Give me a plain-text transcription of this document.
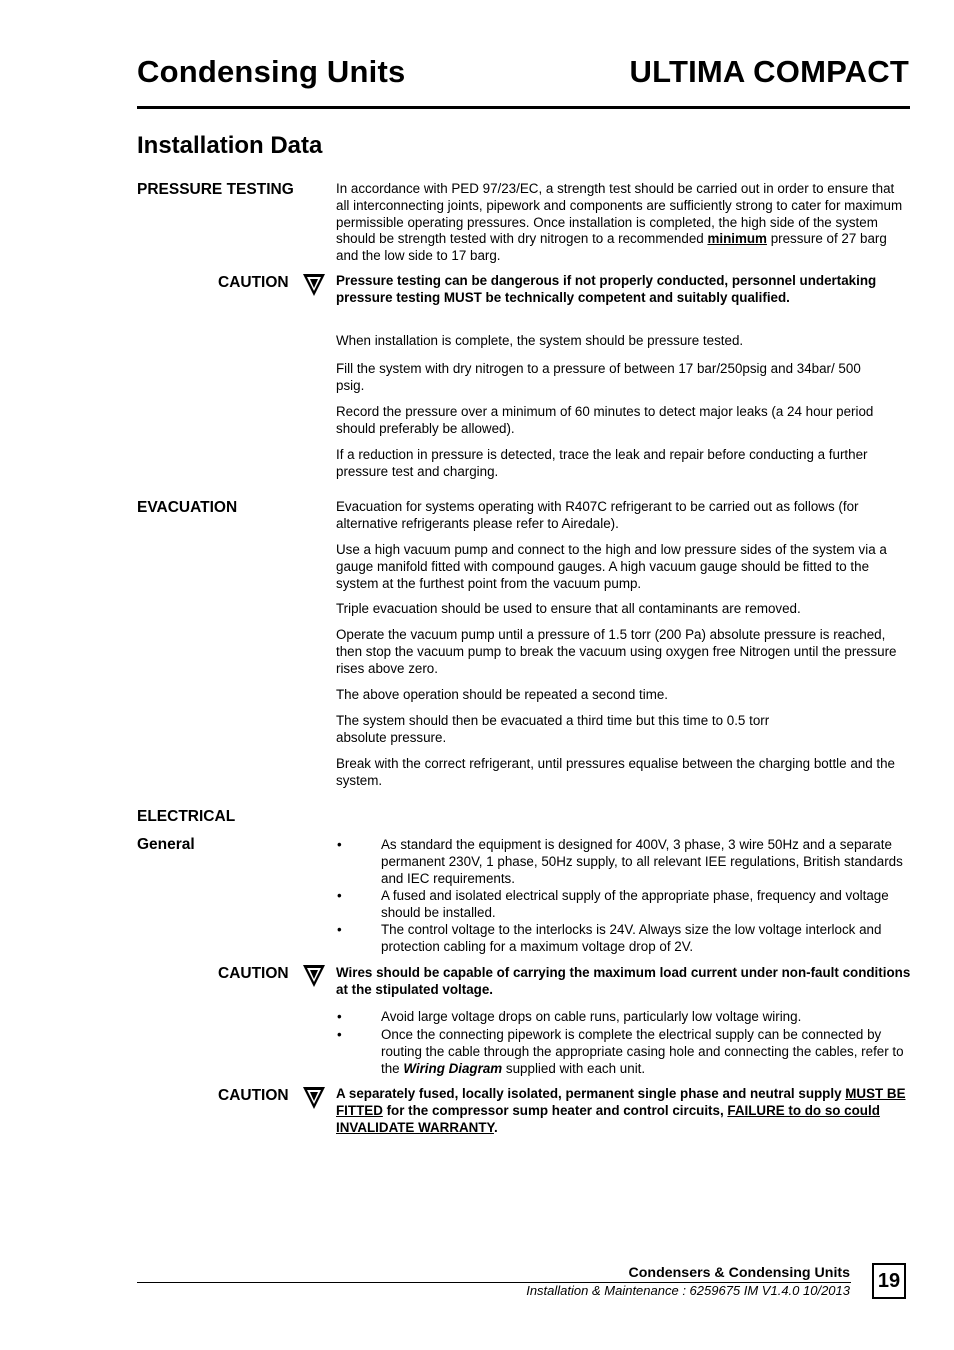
Condensing Units	ULTIMA COMPACT
Installation Data
PRESSURE TESTING	In accordance with PED 97/23/EC, a strength test should be carried out in order to ensure that all interconnecting joints, pipework and components are sufficiently strong to cater for maximum permissible operating pressures. Once installation is completed, the high side of the system should be strength tested with dry nitrogen to a recommended minimum pressure of 27 barg and the low side to 17 barg.
CAUTION	Pressure testing can be dangerous if not properly conducted, personnel undertaking pressure testing MUST be technically competent and suitably qualified.
When installation is complete, the system should be pressure tested.
Fill the system with dry nitrogen to a pressure of between 17 bar/250psig and 34bar/ 500 psig.
Record the pressure over a minimum of 60 minutes to detect major leaks (a 24 hour period should preferably be allowed).
If a reduction in pressure is detected, trace the leak and repair before conducting a further pressure test and charging.
EVACUATION	Evacuation for systems operating with R407C refrigerant to be carried out as follows (for alternative refrigerants please refer to Airedale).
Use a high vacuum pump and connect to the high and low pressure sides of the system via a gauge manifold fitted with compound gauges. A high vacuum gauge should be fitted to the system at the furthest point from the vacuum pump.
Triple evacuation should be used to ensure that all contaminants are removed.
Operate the vacuum pump until a pressure of 1.5 torr (200 Pa) absolute pressure is reached, then stop the vacuum pump to break the vacuum using oxygen free Nitrogen until the pressure rises above zero.
The above operation should be repeated a second time.
The system should then be evacuated a third time but this time to 0.5 torr
absolute pressure.
Break with the correct refrigerant, until pressures equalise between the charging bottle and the system.
ELECTRICAL
General	•	As standard the equipment is designed for 400V, 3 phase, 3 wire 50Hz and a separate permanent 230V, 1 phase, 50Hz supply, to all relevant IEE regulations, British standards and IEC requirements.
•	A fused and isolated electrical supply of the appropriate phase, frequency and voltage should be installed.
•	The control voltage to the interlocks is 24V. Always size the low voltage interlock and protection cabling for a maximum voltage drop of 2V.
CAUTION	Wires should be capable of carrying the maximum load current under non-fault conditions at the stipulated voltage.
•	Avoid large voltage drops on cable runs, particularly low voltage wiring.
•	Once the connecting pipework is complete the electrical supply can be connected by routing the cable through the appropriate casing hole and connecting the cables, refer to the Wiring Diagram supplied with each unit.
CAUTION	A separately fused, locally isolated, permanent single phase and neutral supply MUST BE FITTED for the compressor sump heater and control circuits, FAILURE to do so could INVALIDATE WARRANTY.
Condensers & Condensing Units
Installation & Maintenance : 6259675 IM V1.4.0 10/2013 19
